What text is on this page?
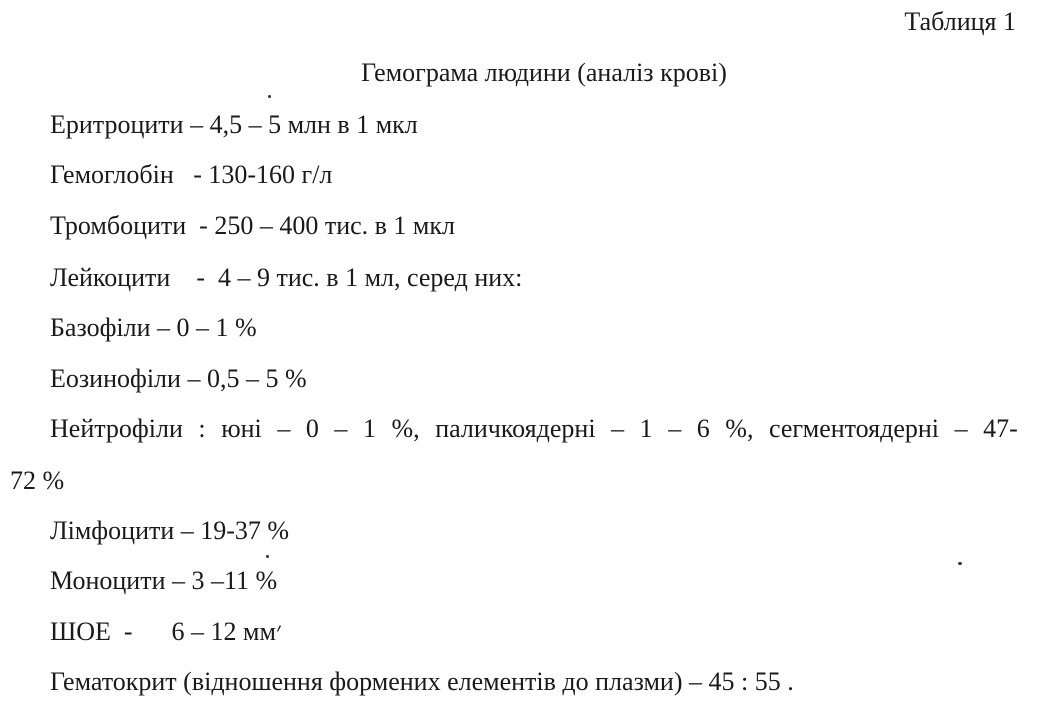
Таблиця 1
Гемограма людини (аналіз крові)
Еритроцити – 4,5 – 5 млн в 1 мкл
Гемоглобін   - 130-160 г/л
Тромбоцити  - 250 – 400 тис. в 1 мкл
Лейкоцити    -  4 – 9 тис. в 1 мл, серед них:
Базофіли – 0 – 1 %
Еозинофіли – 0,5 – 5 %
Нейтрофіли : юні – 0 – 1 %, паличкоядерні – 1 – 6 %, сегментоядерні – 47-
72 %
Лімфоцити – 19-37 %
Моноцити – 3 –11 %
ШОЕ  -      6 – 12 мм׳
Гематокрит (відношення формених елементів до плазми) – 45 : 55 .
